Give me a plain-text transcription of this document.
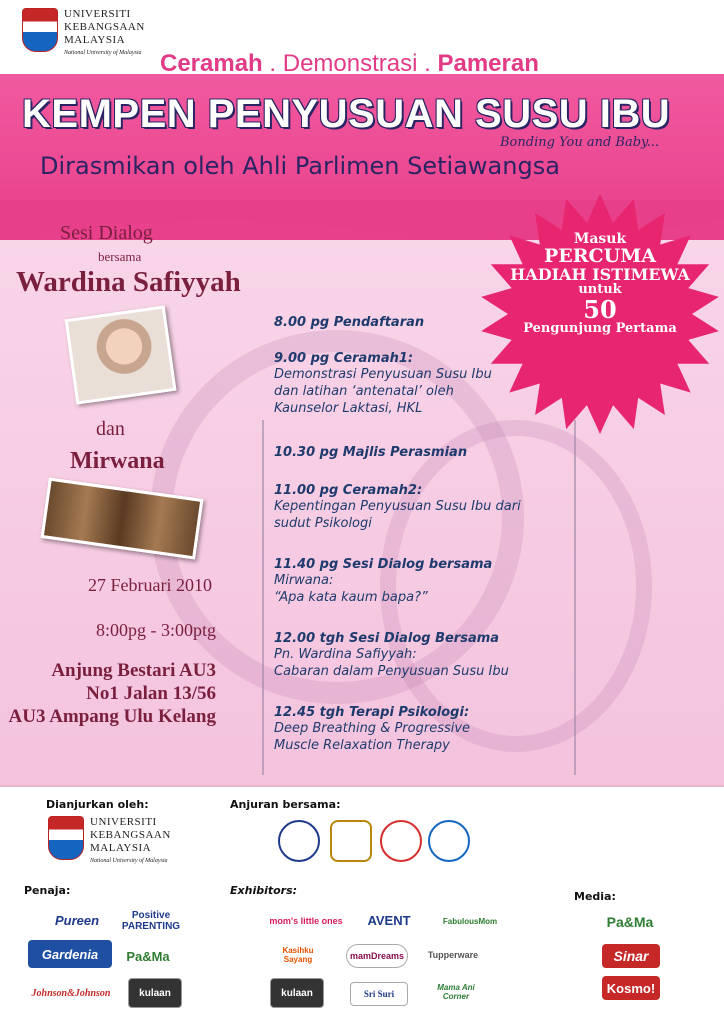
UNIVERSITI
KEBANGSAAN
MALAYSIA
National University of Malaysia Ceramah . Demonstrasi . Pameran
KEMPEN PENYUSUAN SUSU IBU
Bonding You and Baby...
Dirasmikan oleh Ahli Parlimen Setiawangsa
Masuk
PERCUMA
HADIAH ISTIMEWA
untuk
50
Pengunjung Pertama
Sesi Dialog
bersama
Wardina Safiyyah
dan
Mirwana
27 Februari 2010
8:00pg - 3:00ptg
Anjung Bestari AU3
No1 Jalan 13/56
AU3 Ampang Ulu Kelang
8.00 pg Pendaftaran
9.00 pg Ceramah1:
Demonstrasi Penyusuan Susu Ibu
dan latihan ‘antenatal’ oleh
Kaunselor Laktasi, HKL
10.30 pg Majlis Perasmian
11.00 pg Ceramah2:
Kepentingan Penyusuan Susu Ibu dari
sudut Psikologi
11.40 pg Sesi Dialog bersama
Mirwana:
“Apa kata kaum bapa?”
12.00 tgh Sesi Dialog Bersama
Pn. Wardina Safiyyah:
Cabaran dalam Penyusuan Susu Ibu
12.45 tgh Terapi Psikologi:
Deep Breathing & Progressive
Muscle Relaxation Therapy
Dianjurkan oleh:
UNIVERSITI
KEBANGSAAN
MALAYSIA
National University of Malaysia
Anjuran bersama:
Penaja:
Pureen	Positive PARENTING
Gardenia	Pa&Ma
Johnson&Johnson	kulaan
Exhibitors:
mom's little ones	AVENT	FabulousMom
Kasihku Sayang	mamDreams	Tupperware
kulaan	Sri Suri
Mama Ani Corner
Media:
Pa&Ma
Sinar
Kosmo!
